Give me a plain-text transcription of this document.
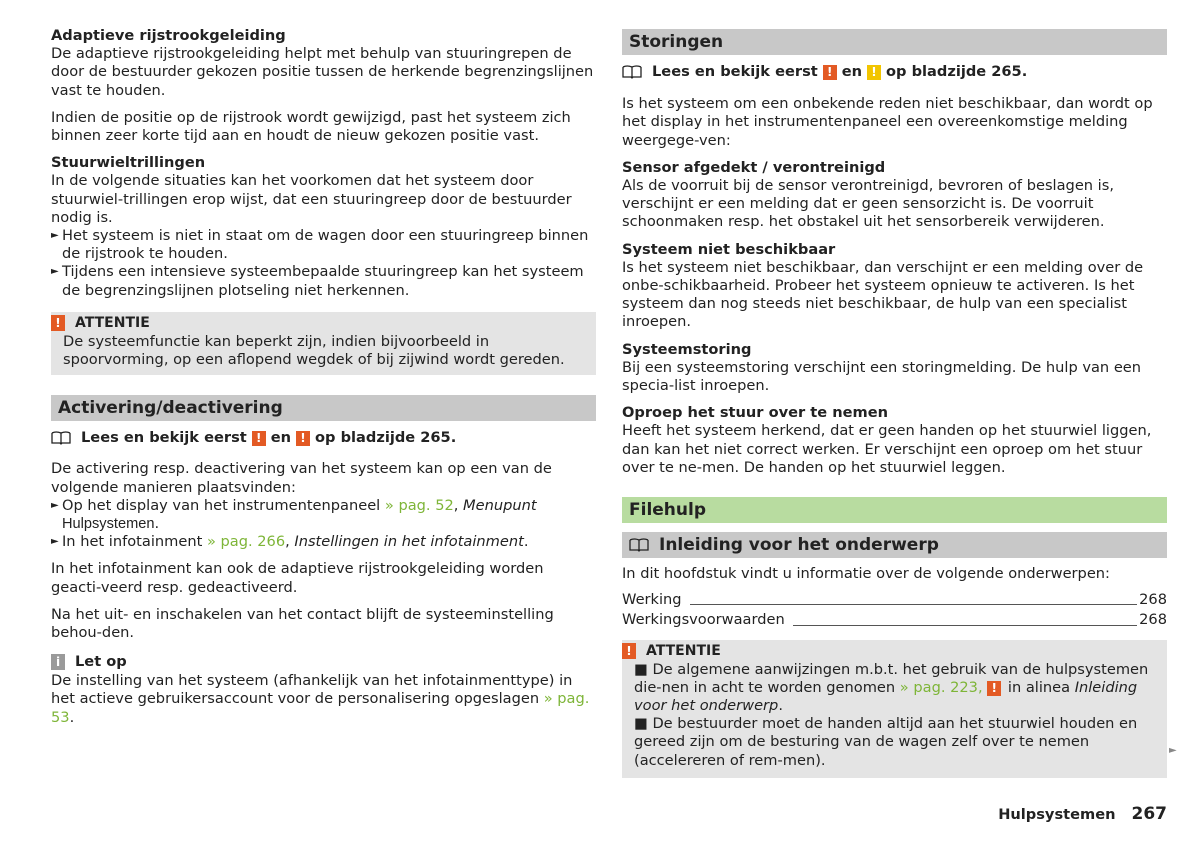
Adaptieve rijstrookgeleiding

De adaptieve rijstrookgeleiding helpt met behulp van stuuringrepen de door de bestuurder gekozen positie tussen de herkende begrenzingslijnen vast te houden.

Indien de positie op de rijstrook wordt gewijzigd, past het systeem zich binnen zeer korte tijd aan en houdt de nieuw gekozen positie vast.

Stuurwieltrillingen

In de volgende situaties kan het voorkomen dat het systeem door stuurwiel-trillingen erop wijst, dat een stuuringreep door de bestuurder nodig is.

► Het systeem is niet in staat om de wagen door een stuuringreep binnen de rijstrook te houden.
► Tijdens een intensieve systeembepaalde stuuringreep kan het systeem de begrenzingslijnen plotseling niet herkennen.
!	ATTENTIE
De systeemfunctie kan beperkt zijn, indien bijvoorbeeld in spoorvorming, op een aflopend wegdek of bij zijwind wordt gereden.
Activering/deactivering
Lees en bekijk eerst ! en ! op bladzijde 265.

De activering resp. deactivering van het systeem kan op een van de volgende manieren plaatsvinden:

► Op het display van het instrumentenpaneel » pag. 52, Menupunt Hulpsystemen.
► In het infotainment » pag. 266, Instellingen in het infotainment.

In het infotainment kan ook de adaptieve rijstrookgeleiding worden geacti-veerd resp. gedeactiveerd.

Na het uit- en inschakelen van het contact blijft de systeeminstelling behou-den.

i	Let op

De instelling van het systeem (afhankelijk van het infotainmenttype) in het actieve gebruikersaccount voor de personalisering opgeslagen » pag. 53.

Storingen
Lees en bekijk eerst ! en ! op bladzijde 265.

Is het systeem om een onbekende reden niet beschikbaar, dan wordt op het display in het instrumentenpaneel een overeenkomstige melding weergege-ven:

Sensor afgedekt / verontreinigd

Als de voorruit bij de sensor verontreinigd, bevroren of beslagen is, verschijnt er een melding dat er geen sensorzicht is. De voorruit schoonmaken resp. het obstakel uit het sensorbereik verwijderen.

Systeem niet beschikbaar

Is het systeem niet beschikbaar, dan verschijnt er een melding over de onbe-schikbaarheid. Probeer het systeem opnieuw te activeren. Is het systeem dan nog steeds niet beschikbaar, de hulp van een specialist inroepen.

Systeemstoring

Bij een systeemstoring verschijnt een storingmelding. De hulp van een specia-list inroepen.

Oproep het stuur over te nemen

Heeft het systeem herkend, dat er geen handen op het stuurwiel liggen, dan kan het niet correct werken. Er verschijnt een oproep om het stuur over te ne-men. De handen op het stuurwiel leggen.

Filehulp
Inleiding voor het onderwerp

In dit hoofdstuk vindt u informatie over de volgende onderwerpen:

Werking	268
Werkingsvoorwaarden	268
!	ATTENTIE
■ De algemene aanwijzingen m.b.t. het gebruik van de hulpsystemen die-nen in acht te worden genomen » pag. 223, ! in alinea Inleiding voor het onderwerp.
■ De bestuurder moet de handen altijd aan het stuurwiel houden en gereed zijn om de besturing van de wagen zelf over te nemen (accelereren of rem-men).
►
Hulpsystemen 267
